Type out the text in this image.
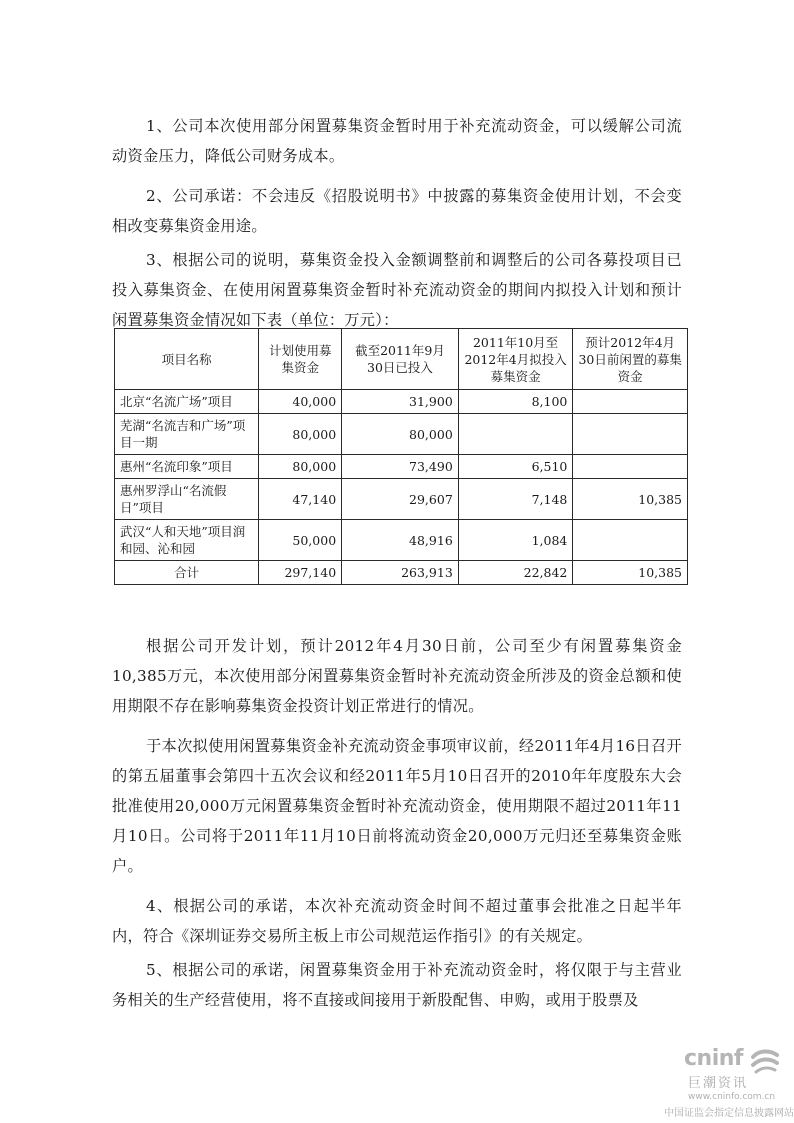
1、公司本次使用部分闲置募集资金暂时用于补充流动资金，可以缓解公司流动资金压力，降低公司财务成本。

2、公司承诺：不会违反《招股说明书》中披露的募集资金使用计划，不会变相改变募集资金用途。

3、根据公司的说明，募集资金投入金额调整前和调整后的公司各募投项目已投入募集资金、在使用闲置募集资金暂时补充流动资金的期间内拟投入计划和预计闲置募集资金情况如下表（单位：万元）：

项目名称	计划使用募集资金	截至2011年9月30日已投入	2011年10月至2012年4月拟投入募集资金	预计2012年4月30日前闲置的募集资金
北京“名流广场”项目	40,000	31,900	8,100	
芜湖“名流吉和广场”项目一期	80,000	80,000		
惠州“名流印象”项目	80,000	73,490	6,510	
惠州罗浮山“名流假日”项目	47,140	29,607	7,148	10,385
武汉“人和天地”项目润和园、沁和园	50,000	48,916	1,084	
合计	297,140	263,913	22,842	10,385

根据公司开发计划，预计2012年4月30日前，公司至少有闲置募集资金10,385万元，本次使用部分闲置募集资金暂时补充流动资金所涉及的资金总额和使用期限不存在影响募集资金投资计划正常进行的情况。

于本次拟使用闲置募集资金补充流动资金事项审议前，经2011年4月16日召开的第五届董事会第四十五次会议和经2011年5月10日召开的2010年年度股东大会批准使用20,000万元闲置募集资金暂时补充流动资金，使用期限不超过2011年11月10日。公司将于2011年11月10日前将流动资金20,000万元归还至募集资金账户。

4、根据公司的承诺，本次补充流动资金时间不超过董事会批准之日起半年内，符合《深圳证券交易所主板上市公司规范运作指引》的有关规定。

5、根据公司的承诺，闲置募集资金用于补充流动资金时，将仅限于与主营业务相关的生产经营使用，将不直接或间接用于新股配售、申购，或用于股票及

cninf
巨潮资讯
www.cninfo.com.cn
中国证监会指定信息披露网站
